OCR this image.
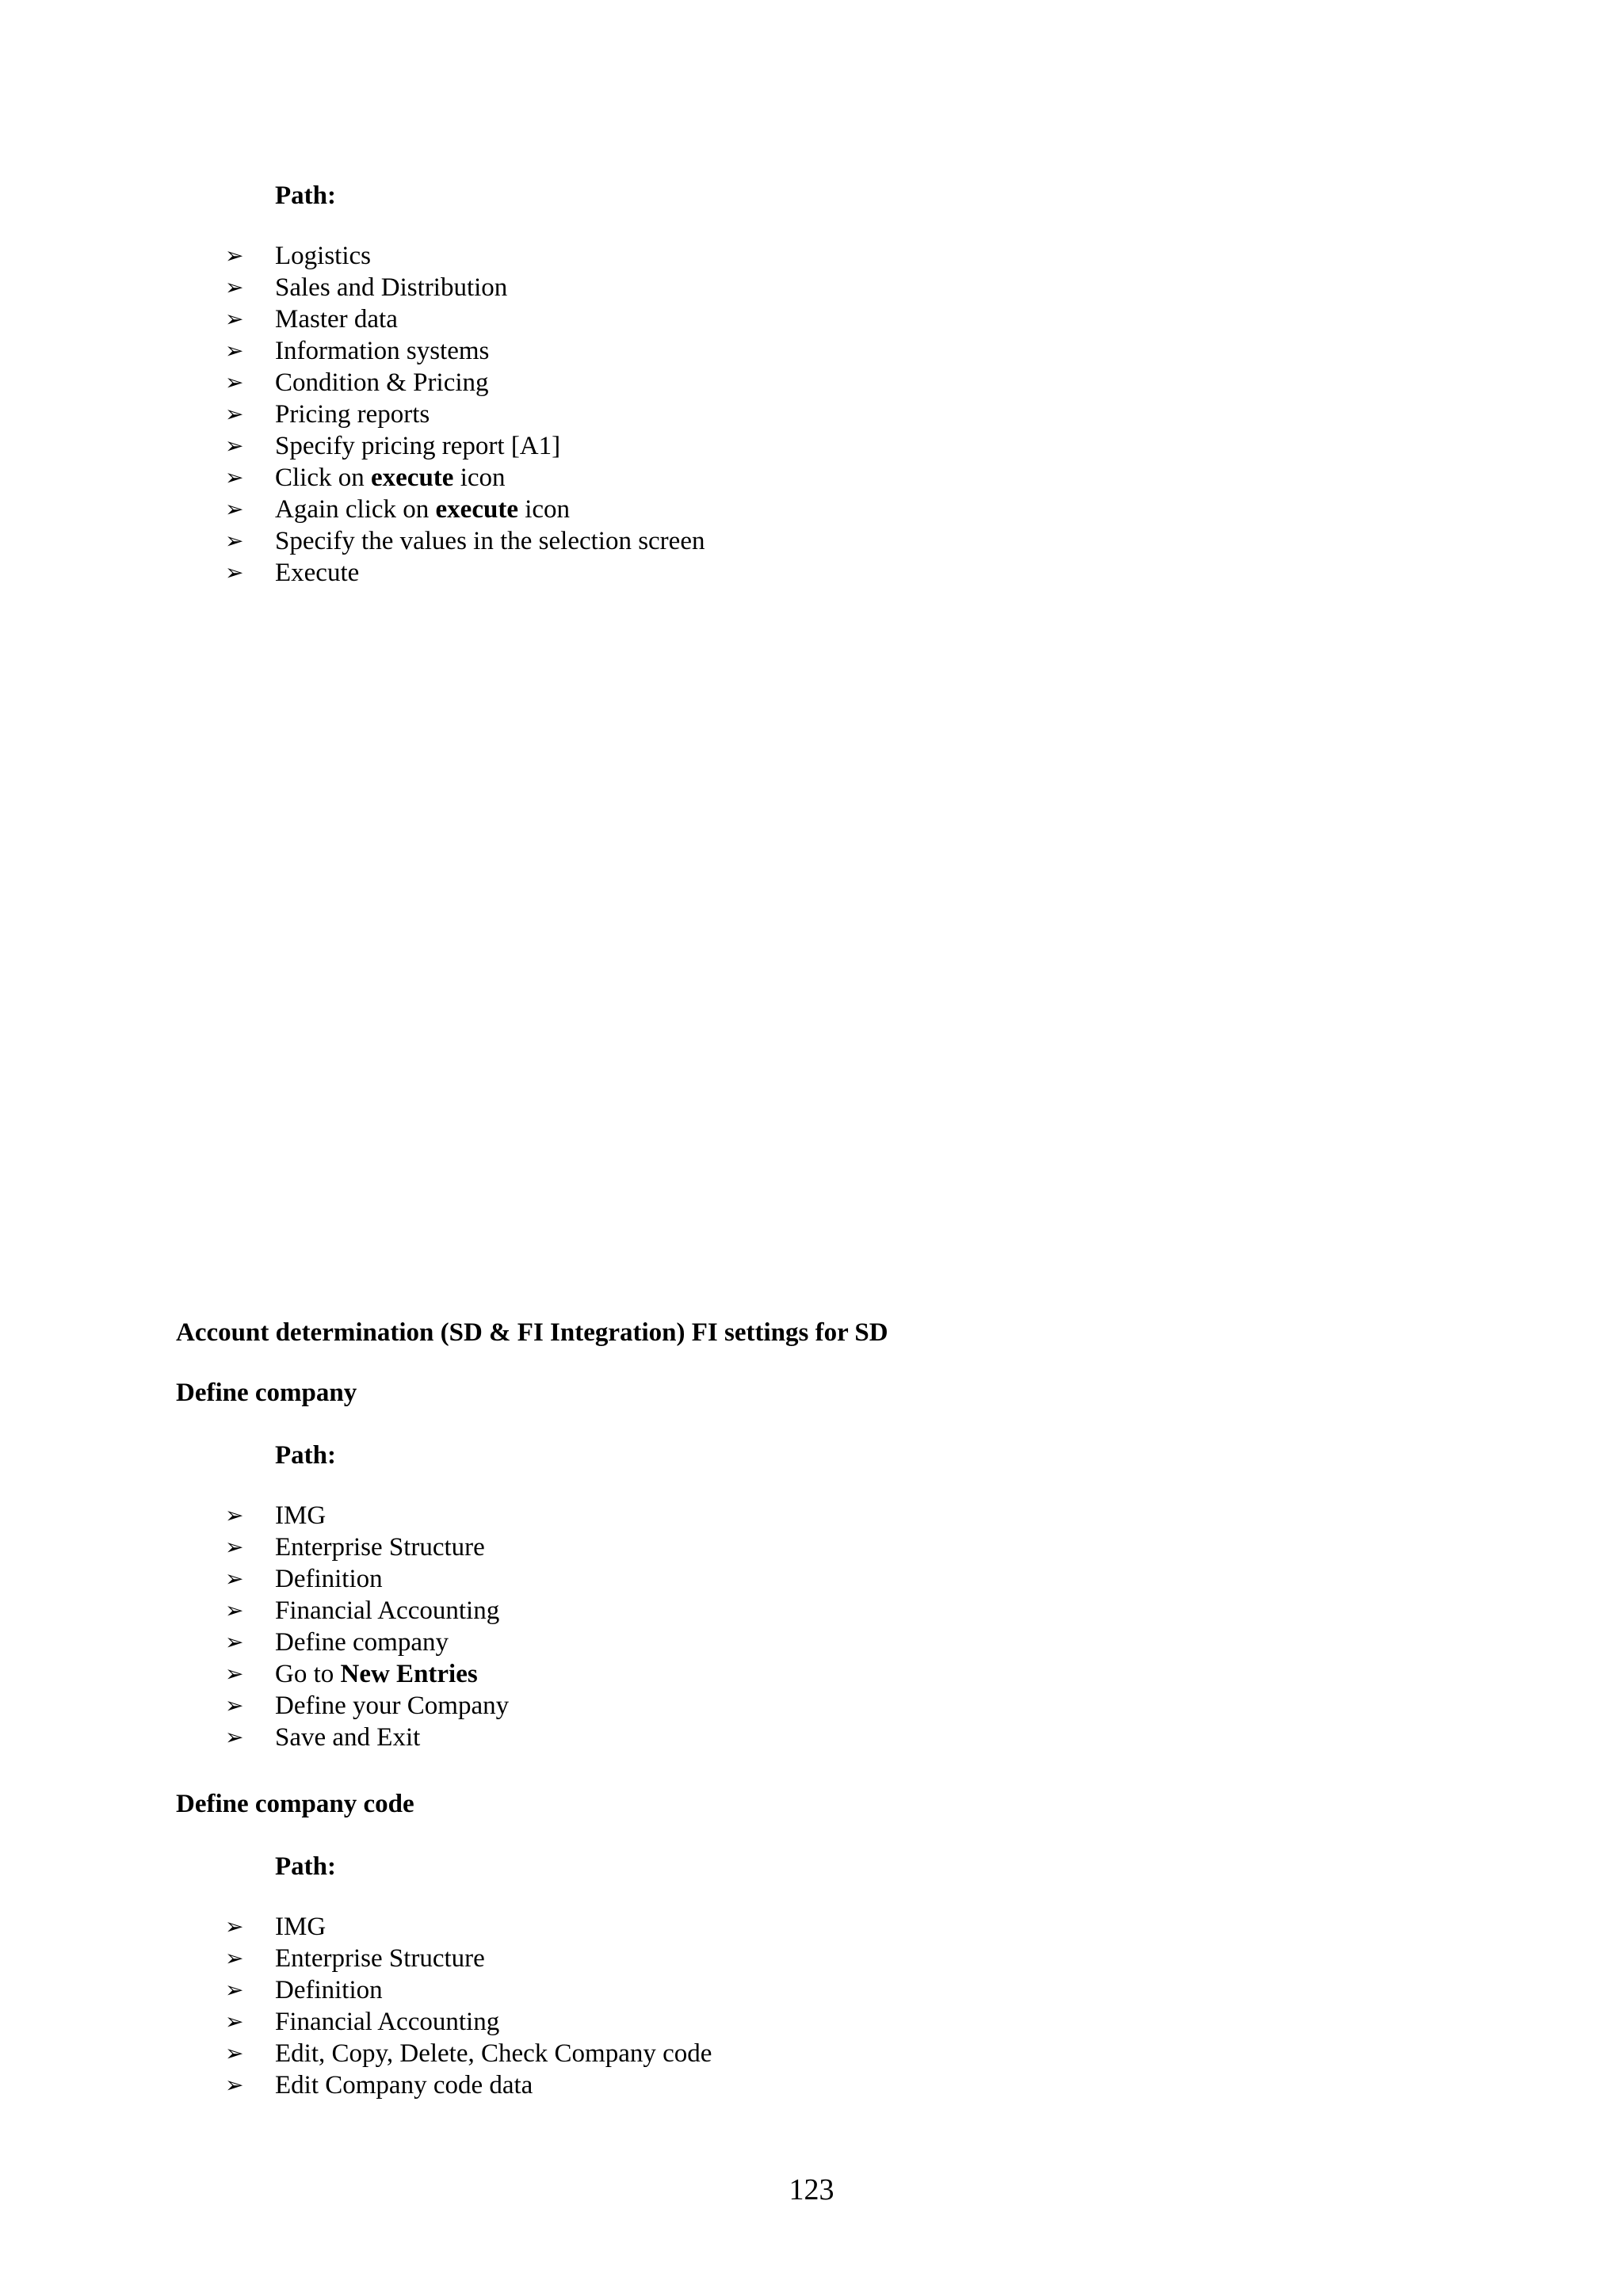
Path:
➢ Logistics
➢ Sales and Distribution
➢ Master data
➢ Information systems
➢ Condition & Pricing
➢ Pricing reports
➢ Specify pricing report [A1]
➢ Click on execute icon
➢ Again click on execute icon
➢ Specify the values in the selection screen
➢ Execute
Account determination (SD & FI Integration) FI settings for SD
Define company
Path:
➢ IMG
➢ Enterprise Structure
➢ Definition
➢ Financial Accounting
➢ Define company
➢ Go to New Entries
➢ Define your Company
➢ Save and Exit
Define company code
Path:
➢ IMG
➢ Enterprise Structure
➢ Definition
➢ Financial Accounting
➢ Edit, Copy, Delete, Check Company code
➢ Edit Company code data
123
